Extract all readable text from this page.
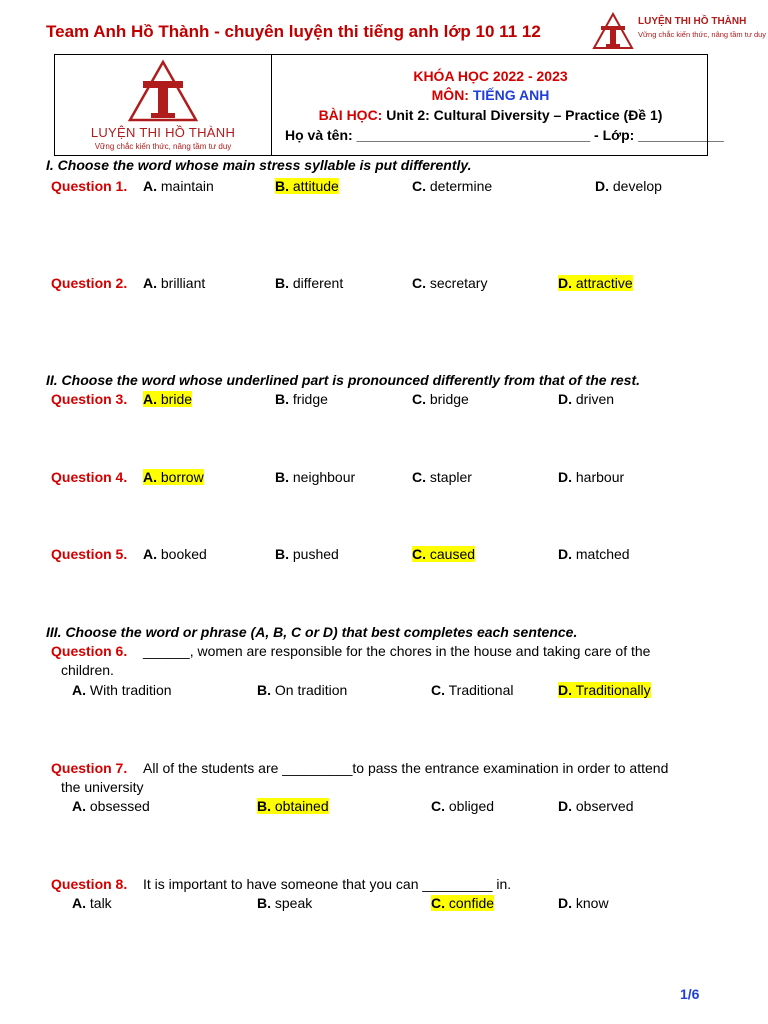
Team Anh Hồ Thành - chuyên luyện thi tiếng anh lớp 10 11 12
LUYỆN THI HỒ THÀNH
Vững chắc kiến thức, nâng tầm tư duy
LUYỆN THI HỒ THÀNH
Vững chắc kiến thức, nâng tầm tư duy
KHÓA HỌC 2022 - 2023
MÔN: TIẾNG ANH
BÀI HỌC: Unit 2: Cultural Diversity – Practice (Đề 1)
Họ và tên: ______________________________ - Lớp: ___________
I. Choose the word whose main stress syllable is put differently.
Question 1. A. maintain	B. attitude	C. determine	D. develop
Question 2. A. brilliant	B. different	C. secretary	D. attractive
II. Choose the word whose underlined part is pronounced differently from that of the rest.
Question 3. A. bride	B. fridge	C. bridge	D. driven
Question 4. A. borrow	B. neighbour	C. stapler	D. harbour
Question 5. A. booked	B. pushed	C. caused	D. matched
III. Choose the word or phrase (A, B, C or D) that best completes each sentence.
Question 6. ______, women are responsible for the chores in the house and taking care of the
children.
A. With tradition	B. On tradition	C. Traditional	D. Traditionally
Question 7. All of the students are _________to pass the entrance examination in order to attend
the university
A. obsessed	B. obtained	C. obliged	D. observed
Question 8. It is important to have someone that you can _________ in.
A. talk	B. speak	C. confide	D. know
1/6
